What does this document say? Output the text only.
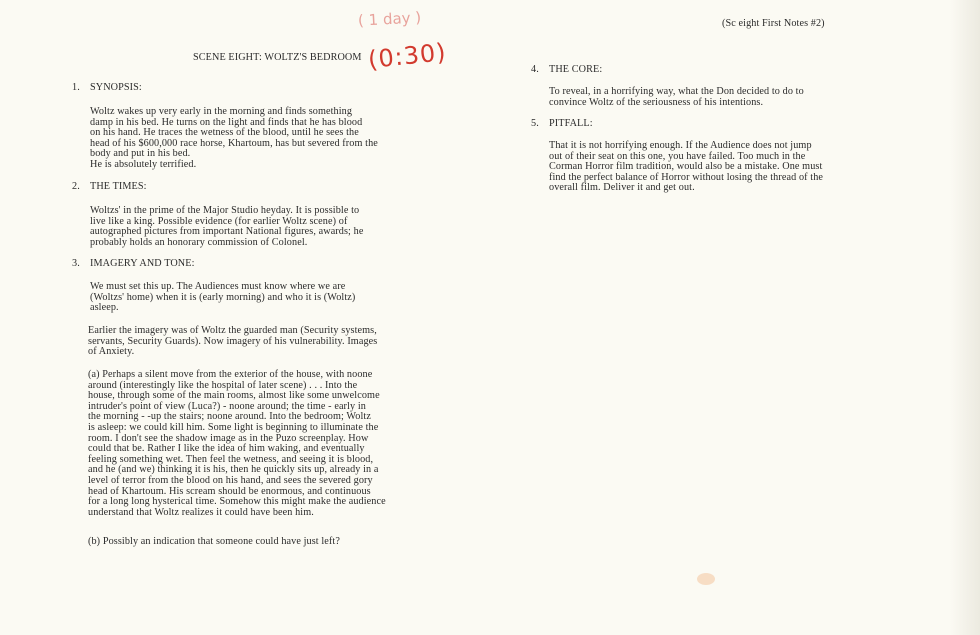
(Sc eight First Notes #2)
( 1 day )
SCENE EIGHT: WOLTZ'S BEDROOM (0:30)
1. SYNOPSIS:
Woltz wakes up very early in the morning and finds something
damp in his bed. He turns on the light and finds that he has blood
on his hand. He traces the wetness of the blood, until he sees the
head of his $600,000 race horse, Khartoum, has but severed from the
body and put in his bed.
He is absolutely terrified.
2. THE TIMES:
Woltzs' in the prime of the Major Studio heyday. It is possible to
live like a king. Possible evidence (for earlier Woltz scene) of
autographed pictures from important National figures, awards; he
probably holds an honorary commission of Colonel.
3. IMAGERY AND TONE:
We must set this up. The Audiences must know where we are
(Woltzs' home) when it is (early morning) and who it is (Woltz)
asleep.
Earlier the imagery was of Woltz the guarded man (Security systems,
servants, Security Guards). Now imagery of his vulnerability. Images
of Anxiety.
(a) Perhaps a silent move from the exterior of the house, with noone
around (interestingly like the hospital of later scene) . . . Into the
house, through some of the main rooms, almost like some unwelcome
intruder's point of view (Luca?) - noone around; the time - early in
the morning - -up the stairs; noone around. Into the bedroom; Woltz
is asleep: we could kill him. Some light is beginning to illuminate the
room. I don't see the shadow image as in the Puzo screenplay. How
could that be. Rather I like the idea of him waking, and eventually
feeling something wet. Then feel the wetness, and seeing it is blood,
and he (and we) thinking it is his, then he quickly sits up, already in a
level of terror from the blood on his hand, and sees the severed gory
head of Khartoum. His scream should be enormous, and continuous
for a long long hysterical time. Somehow this might make the audience
understand that Woltz realizes it could have been him.
(b) Possibly an indication that someone could have just left?
4. THE CORE:
To reveal, in a horrifying way, what the Don decided to do to
convince Woltz of the seriousness of his intentions.
5. PITFALL:
That it is not horrifying enough. If the Audience does not jump
out of their seat on this one, you have failed. Too much in the
Corman Horror film tradition, would also be a mistake. One must
find the perfect balance of Horror without losing the thread of the
overall film. Deliver it and get out.
